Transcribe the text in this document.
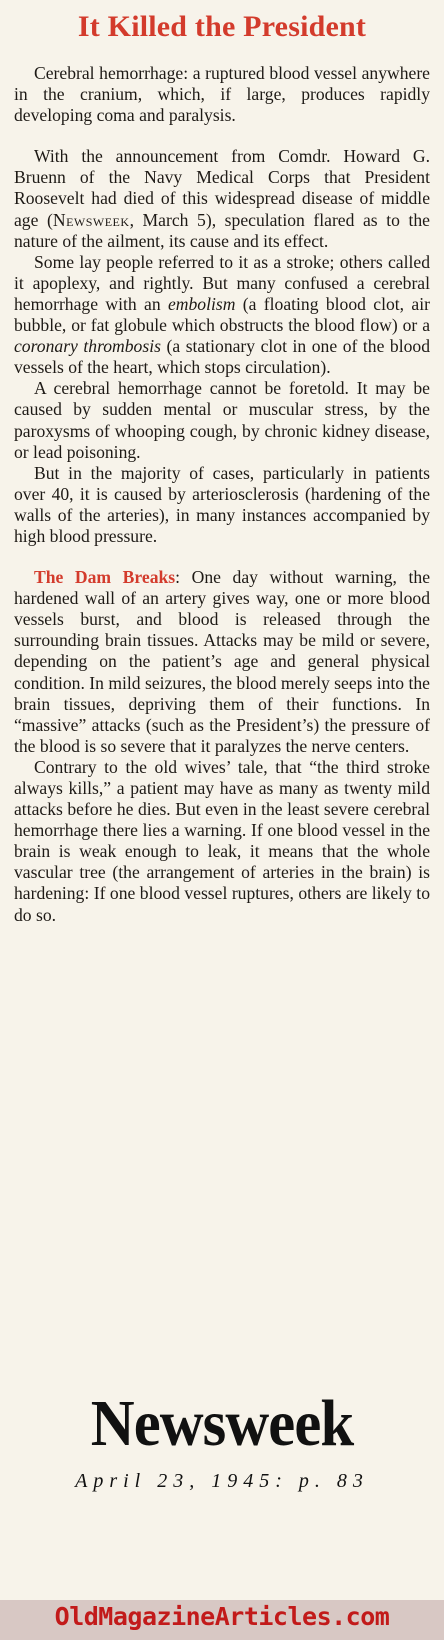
It Killed the President

Cerebral hemorrhage: a ruptured blood vessel anywhere in the cranium, which, if large, produces rapidly developing coma and paralysis.

With the announcement from Comdr. Howard G. Bruenn of the Navy Medical Corps that President Roosevelt had died of this widespread disease of middle age (Newsweek, March 5), speculation flared as to the nature of the ailment, its cause and its effect.

Some lay people referred to it as a stroke; others called it apoplexy, and rightly. But many confused a cerebral hemorrhage with an embolism (a floating blood clot, air bubble, or fat globule which obstructs the blood flow) or a coronary thrombosis (a stationary clot in one of the blood vessels of the heart, which stops circulation).

A cerebral hemorrhage cannot be foretold. It may be caused by sudden mental or muscular stress, by the paroxysms of whooping cough, by chronic kidney disease, or lead poisoning.

But in the majority of cases, particularly in patients over 40, it is caused by arteriosclerosis (hardening of the walls of the arteries), in many instances accompanied by high blood pressure.

The Dam Breaks: One day without warning, the hardened wall of an artery gives way, one or more blood vessels burst, and blood is released through the surrounding brain tissues. Attacks may be mild or severe, depending on the patient’s age and general physical condition. In mild seizures, the blood merely seeps into the brain tissues, depriving them of their functions. In “massive” attacks (such as the President’s) the pressure of the blood is so severe that it paralyzes the nerve centers.

Contrary to the old wives’ tale, that “the third stroke always kills,” a patient may have as many as twenty mild attacks before he dies. But even in the least severe cerebral hemorrhage there lies a warning. If one blood vessel in the brain is weak enough to leak, it means that the whole vascular tree (the arrangement of arteries in the brain) is hardening: If one blood vessel ruptures, others are likely to do so.

Newsweek
April 23, 1945: p. 83
OldMagazineArticles.com
